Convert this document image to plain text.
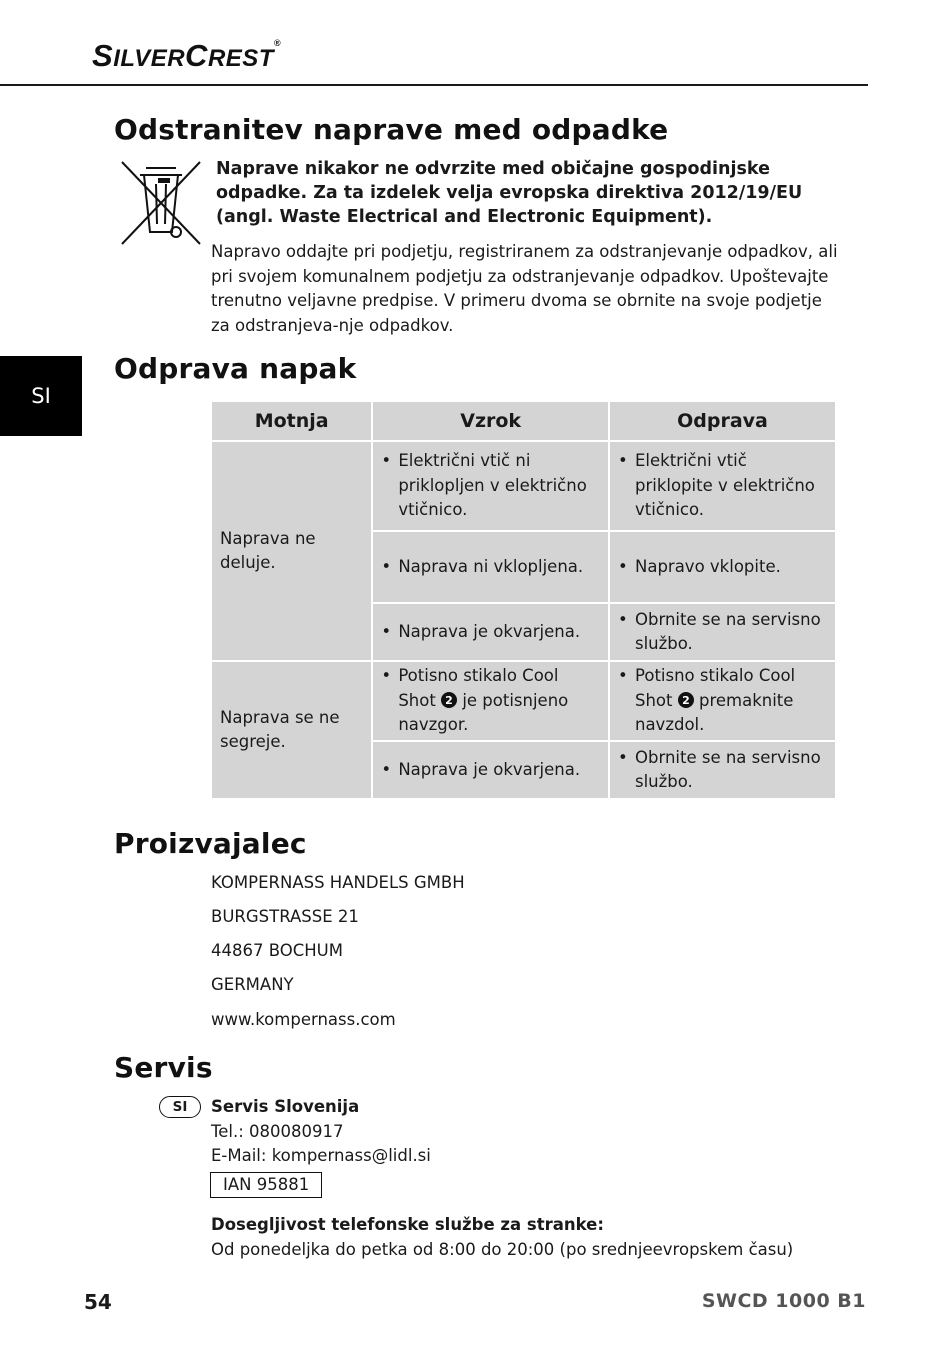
SILVERCREST®
SI
Odstranitev naprave med odpadke
Naprave nikakor ne odvrzite med običajne gospodinjske odpadke. Za ta izdelek velja evropska direktiva 2012/19/EU (angl. Waste Electrical and Electronic Equipment).
Napravo oddajte pri podjetju, registriranem za odstranjevanje odpadkov, ali pri svojem komunalnem podjetju za odstranjevanje odpadkov. Upoštevajte trenutno veljavne predpise. V primeru dvoma se obrnite na svoje podjetje za odstranjeva-nje odpadkov.
Odprava napak
Motnja	Vzrok	Odprava
Naprava ne deluje.	• Električni vtič ni priklopljen v električno vtičnico.	• Električni vtič priklopite v električno vtičnico.

	• Naprava ni vklopljena.	• Napravo vklopite.

	• Naprava je okvarjena.	• Obrnite se na servisno službo.

Naprava se ne segreje.	• Potisno stikalo Cool Shot 2 je potisnjeno navzgor.	• Potisno stikalo Cool Shot 2 premaknite navzdol.

	• Naprava je okvarjena.	• Obrnite se na servisno službo.
Proizvajalec
KOMPERNASS HANDELS GMBH
BURGSTRASSE 21
44867 BOCHUM
GERMANY
www.kompernass.com
Servis
SI	Servis Slovenija
Tel.: 080080917
E-Mail: kompernass@lidl.si
IAN 95881
Dosegljivost telefonske službe za stranke:
Od ponedeljka do petka od 8:00 do 20:00 (po srednjeevropskem času)
54	SWCD 1000 B1
